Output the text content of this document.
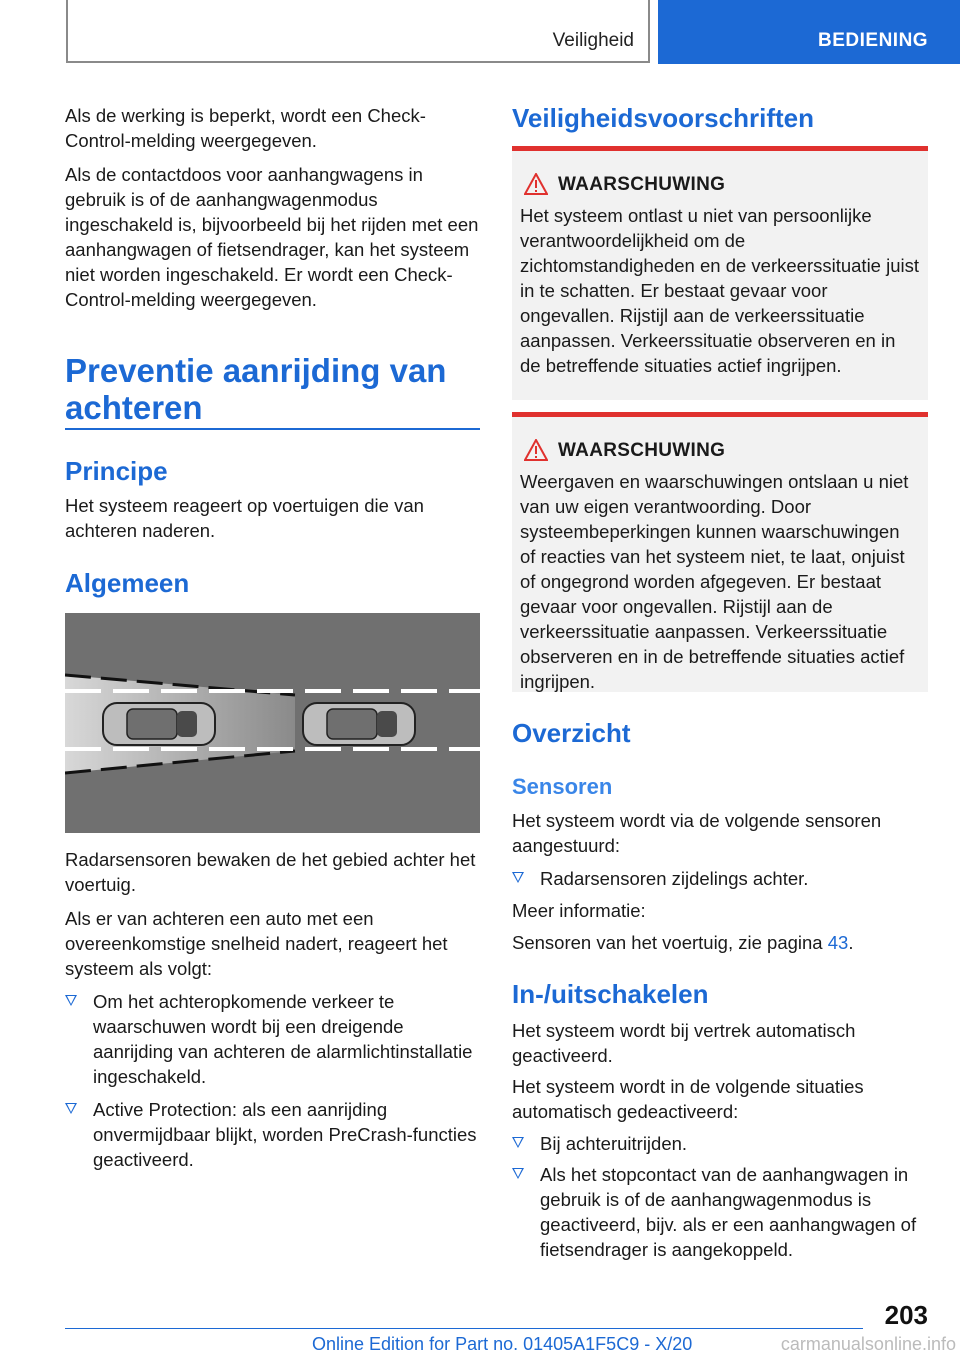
Veiligheid	BEDIENING

Als de werking is beperkt, wordt een Check-Control-melding weergegeven.

Als de contactdoos voor aanhangwagens in gebruik is of de aanhangwagenmodus ingeschakeld is, bijvoorbeeld bij het rijden met een aanhangwagen of fietsendrager, kan het systeem niet worden ingeschakeld. Er wordt een Check-Control-melding weergegeven.

Preventie aanrijding van achteren
Principe

Het systeem reageert op voertuigen die van achteren naderen.

Algemeen

Radarsensoren bewaken de het gebied achter het voertuig.

Als er van achteren een auto met een overeenkomstige snelheid nadert, reageert het systeem als volgt:

Om het achteropkomende verkeer te waarschuwen wordt bij een dreigende aanrijding van achteren de alarmlichtinstallatie ingeschakeld.

Active Protection: als een aanrijding onvermijdbaar blijkt, worden PreCrash-functies geactiveerd.

Veiligheidsvoorschriften
WAARSCHUWING

Het systeem ontlast u niet van persoonlijke verantwoordelijkheid om de zichtomstandigheden en de verkeerssituatie juist in te schatten. Er bestaat gevaar voor ongevallen. Rijstijl aan de verkeerssituatie aanpassen. Verkeerssituatie observeren en in de betreffende situaties actief ingrijpen.

WAARSCHUWING

Weergaven en waarschuwingen ontslaan u niet van uw eigen verantwoording. Door systeembeperkingen kunnen waarschuwingen of reacties van het systeem niet, te laat, onjuist of ongegrond worden afgegeven. Er bestaat gevaar voor ongevallen. Rijstijl aan de verkeerssituatie aanpassen. Verkeerssituatie observeren en in de betreffende situaties actief ingrijpen.

Overzicht
Sensoren

Het systeem wordt via de volgende sensoren aangestuurd:

Radarsensoren zijdelings achter.

Meer informatie:

Sensoren van het voertuig, zie pagina 43.

In-/uitschakelen

Het systeem wordt bij vertrek automatisch geactiveerd.

Het systeem wordt in de volgende situaties automatisch gedeactiveerd:

Bij achteruitrijden.

Als het stopcontact van de aanhangwagen in gebruik is of de aanhangwagenmodus is geactiveerd, bijv. als er een aanhangwagen of fietsendrager is aangekoppeld.

203
Online Edition for Part no. 01405A1F5C9 - X/20	carmanualsonline.info
